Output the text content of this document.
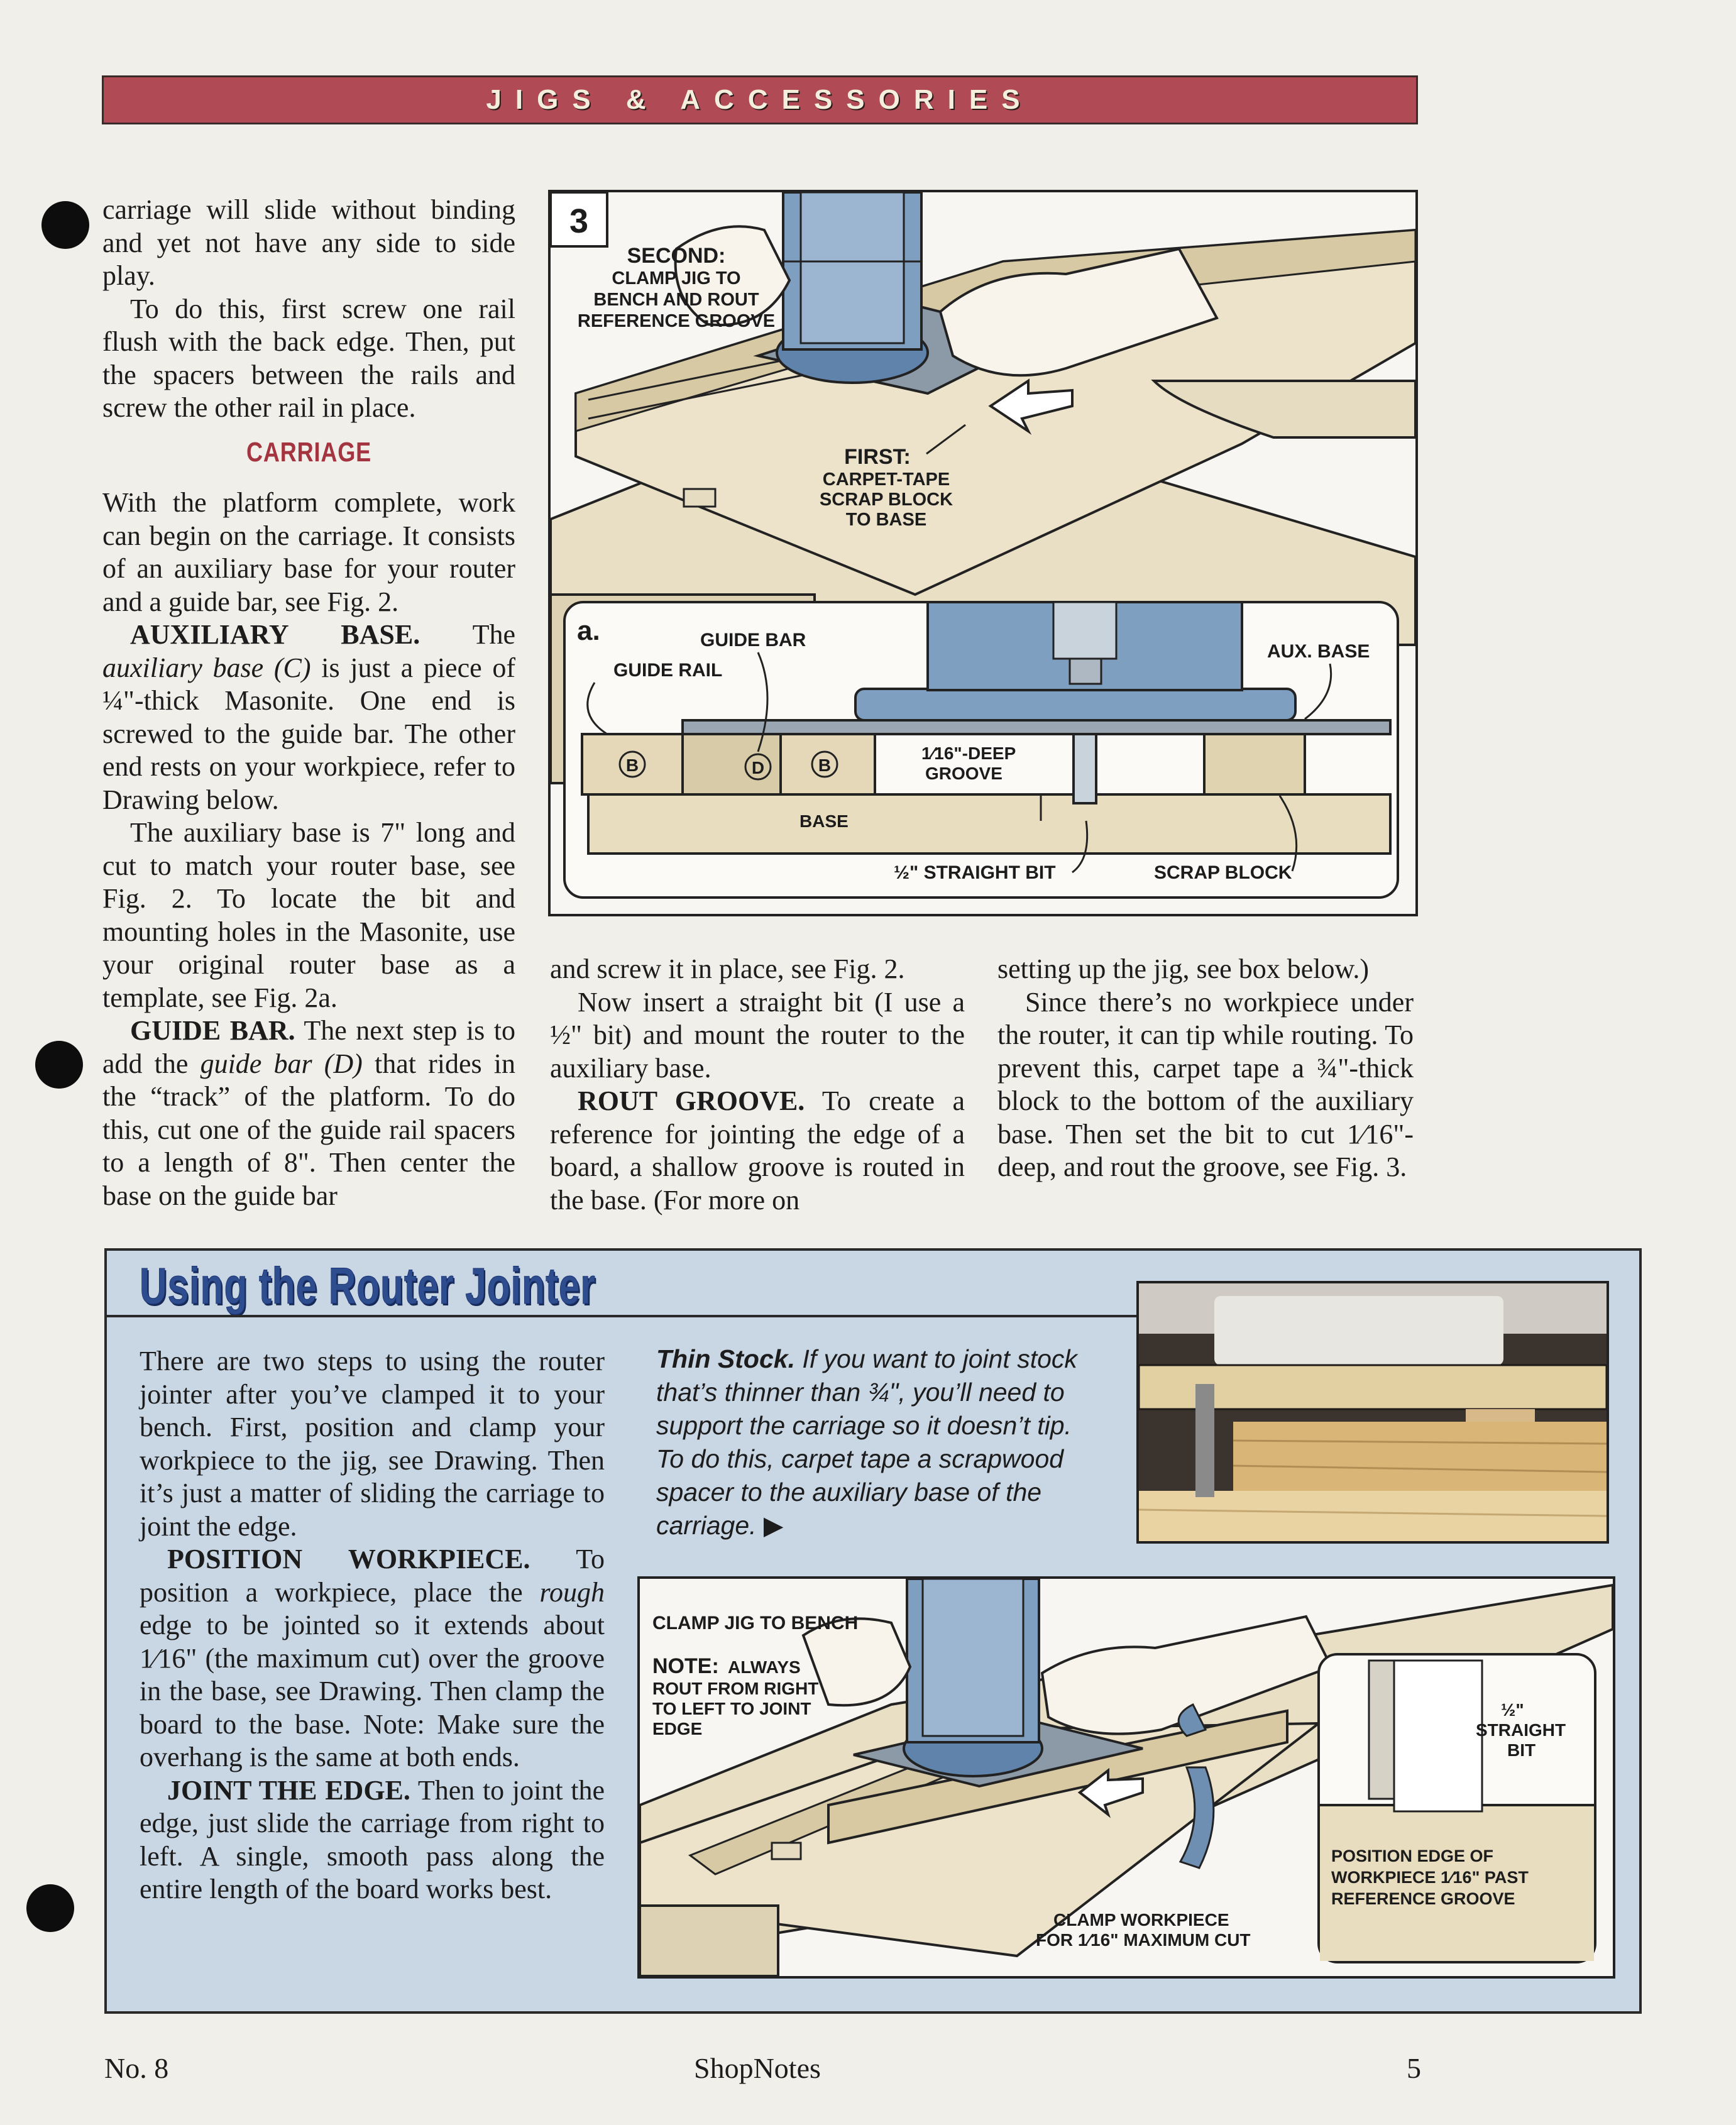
JIGS & ACCESSORIES

carriage will slide without binding and yet not have any side to side play.

To do this, first screw one rail flush with the back edge. Then, put the spacers between the rails and screw the other rail in place.

CARRIAGE

With the platform complete, work can begin on the carriage. It consists of an auxiliary base for your router and a guide bar, see Fig. 2.

AUXILIARY BASE. The auxiliary base (C) is just a piece of ¼"-thick Masonite. One end is screwed to the guide bar. The other end rests on your workpiece, refer to Drawing below.

The auxiliary base is 7" long and cut to match your router base, see Fig. 2. To locate the bit and mounting holes in the Masonite, use your original router base as a template, see Fig. 2a.

GUIDE BAR. The next step is to add the guide bar (D) that rides in the “track” of the platform. To do this, cut one of the guide rail spacers to a length of 8". Then center the base on the guide bar

and screw it in place, see Fig. 2.

Now insert a straight bit (I use a ½" bit) and mount the router to the auxiliary base.

ROUT GROOVE. To create a reference for jointing the edge of a board, a shallow groove is routed in the base. (For more on

setting up the jig, see box below.)

Since there’s no workpiece under the router, it can tip while routing. To prevent this, carpet tape a ¾"-thick block to the bottom of the auxiliary base. Then set the bit to cut 1⁄16"-deep, and rout the groove, see Fig. 3.

3
SECOND:
CLAMP JIG TO
BENCH AND ROUT
REFERENCE GROOVE
FIRST:
CARPET-TAPE
SCRAP BLOCK
TO BASE
a.
B	D	B
GUIDE BAR
GUIDE RAIL
AUX. BASE
1⁄16"-DEEP
GROOVE
BASE
½" STRAIGHT BIT	SCRAP BLOCK
Using the Router Jointer

There are two steps to using the router jointer after you’ve clamped it to your bench. First, position and clamp your workpiece to the jig, see Drawing. Then it’s just a matter of sliding the carriage to joint the edge.

POSITION WORKPIECE. To position a workpiece, place the rough edge to be jointed so it extends about 1⁄16" (the maximum cut) over the groove in the base, see Drawing. Then clamp the board to the base. Note: Make sure the overhang is the same at both ends.

JOINT THE EDGE. Then to joint the edge, just slide the carriage from right to left. A single, smooth pass along the entire length of the board works best.

Thin Stock. If you want to joint stock that’s thinner than ¾", you’ll need to support the carriage so it doesn’t tip. To do this, carpet tape a scrapwood spacer to the auxiliary base of the carriage. ▶
CLAMP JIG TO BENCH
NOTE: ALWAYS
ROUT FROM RIGHT
TO LEFT TO JOINT
EDGE
CLAMP WORKPIECE
FOR 1⁄16" MAXIMUM CUT
½"
STRAIGHT
BIT
POSITION EDGE OF
WORKPIECE 1⁄16" PAST
REFERENCE GROOVE
No. 8	ShopNotes	5
